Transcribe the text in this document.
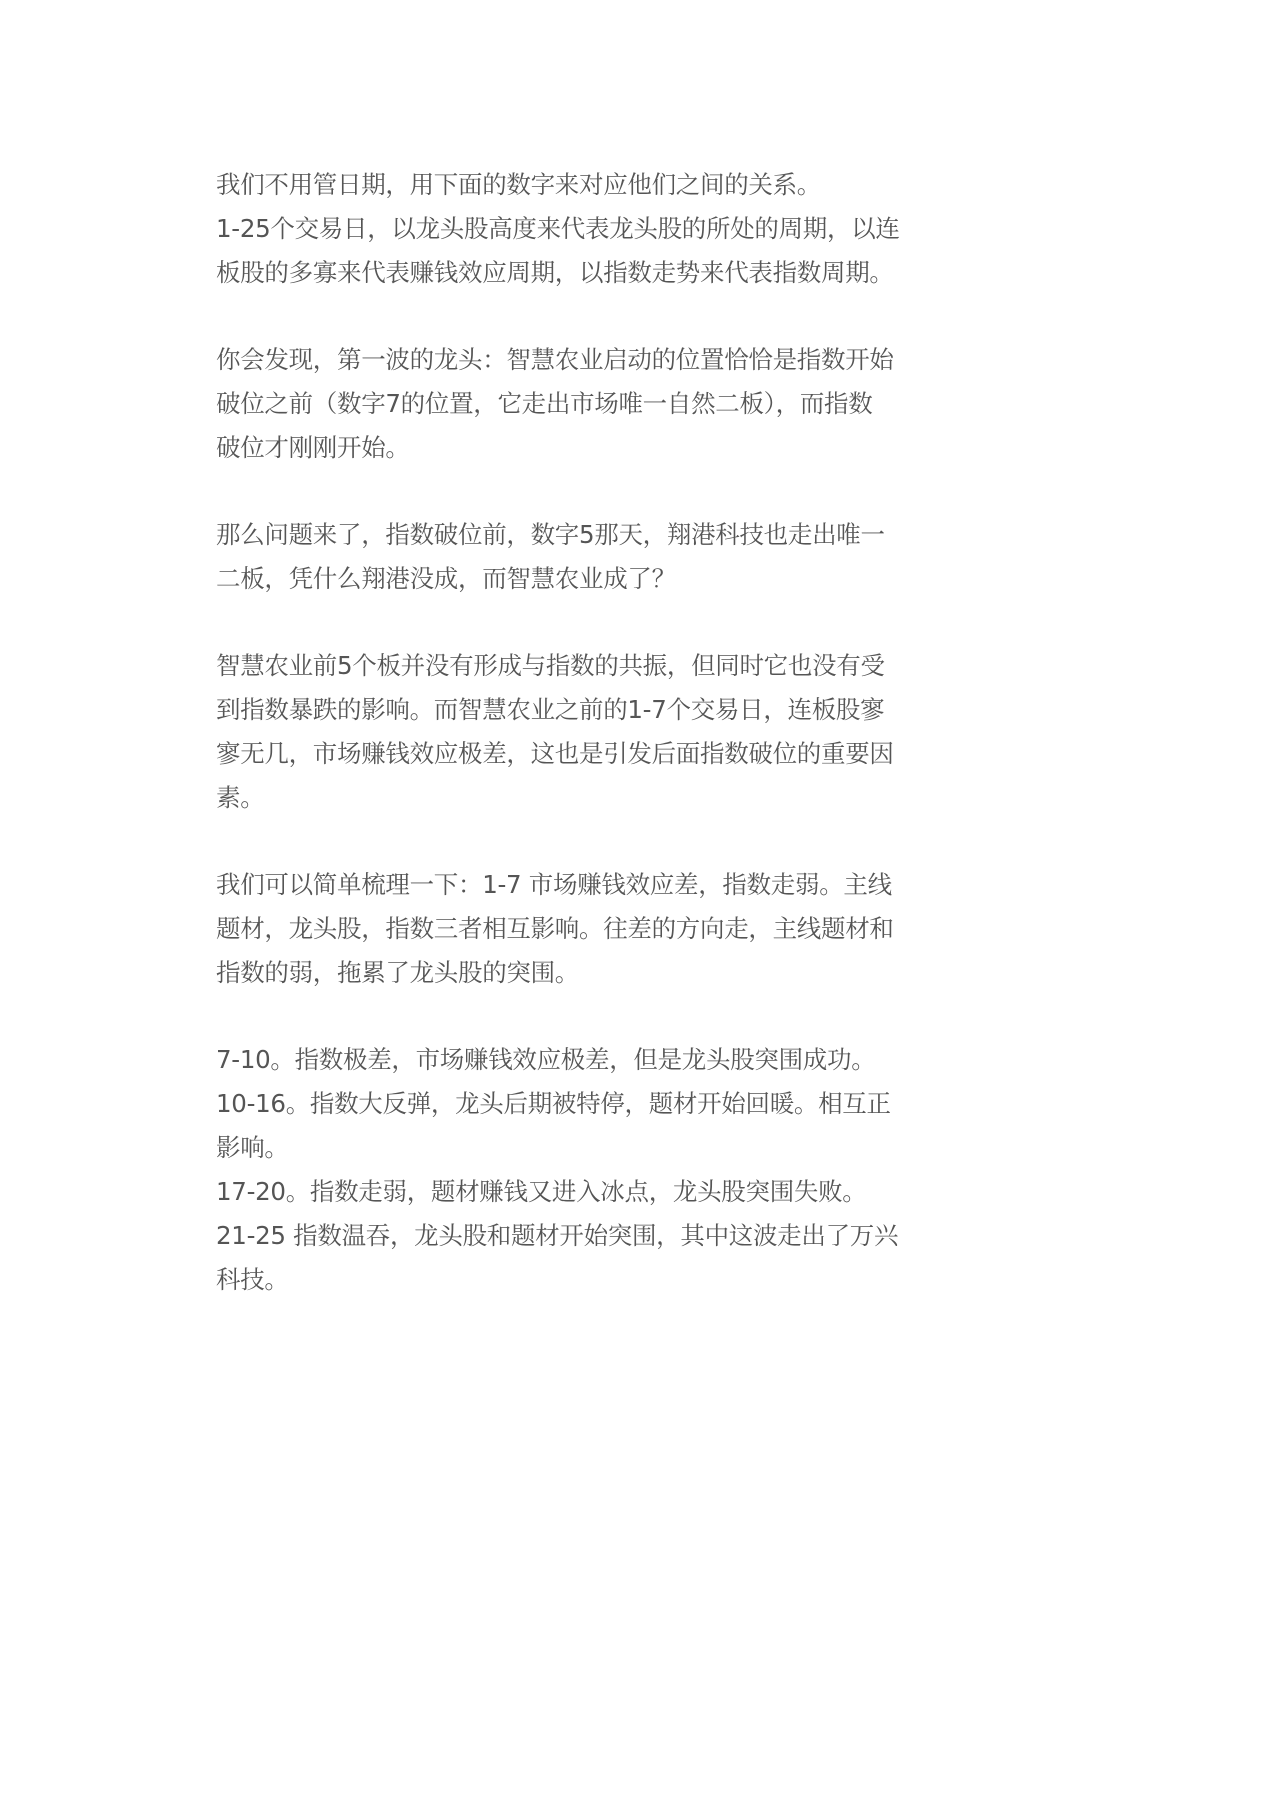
我们不用管日期，用下面的数字来对应他们之间的关系。
1-25个交易日，以龙头股高度来代表龙头股的所处的周期，以连
板股的多寡来代表赚钱效应周期，以指数走势来代表指数周期。
你会发现，第一波的龙头：智慧农业启动的位置恰恰是指数开始
破位之前（数字7的位置，它走出市场唯一自然二板），而指数
破位才刚刚开始。
那么问题来了，指数破位前，数字5那天，翔港科技也走出唯一
二板，凭什么翔港没成，而智慧农业成了？
智慧农业前5个板并没有形成与指数的共振，但同时它也没有受
到指数暴跌的影响。而智慧农业之前的1-7个交易日，连板股寥
寥无几，市场赚钱效应极差，这也是引发后面指数破位的重要因
素。
我们可以简单梳理一下：1-7 市场赚钱效应差，指数走弱。主线
题材，龙头股，指数三者相互影响。往差的方向走，主线题材和
指数的弱，拖累了龙头股的突围。
7-10。指数极差，市场赚钱效应极差，但是龙头股突围成功。
10-16。指数大反弹，龙头后期被特停，题材开始回暖。相互正
影响。
17-20。指数走弱，题材赚钱又进入冰点，龙头股突围失败。
21-25 指数温吞，龙头股和题材开始突围，其中这波走出了万兴
科技。
